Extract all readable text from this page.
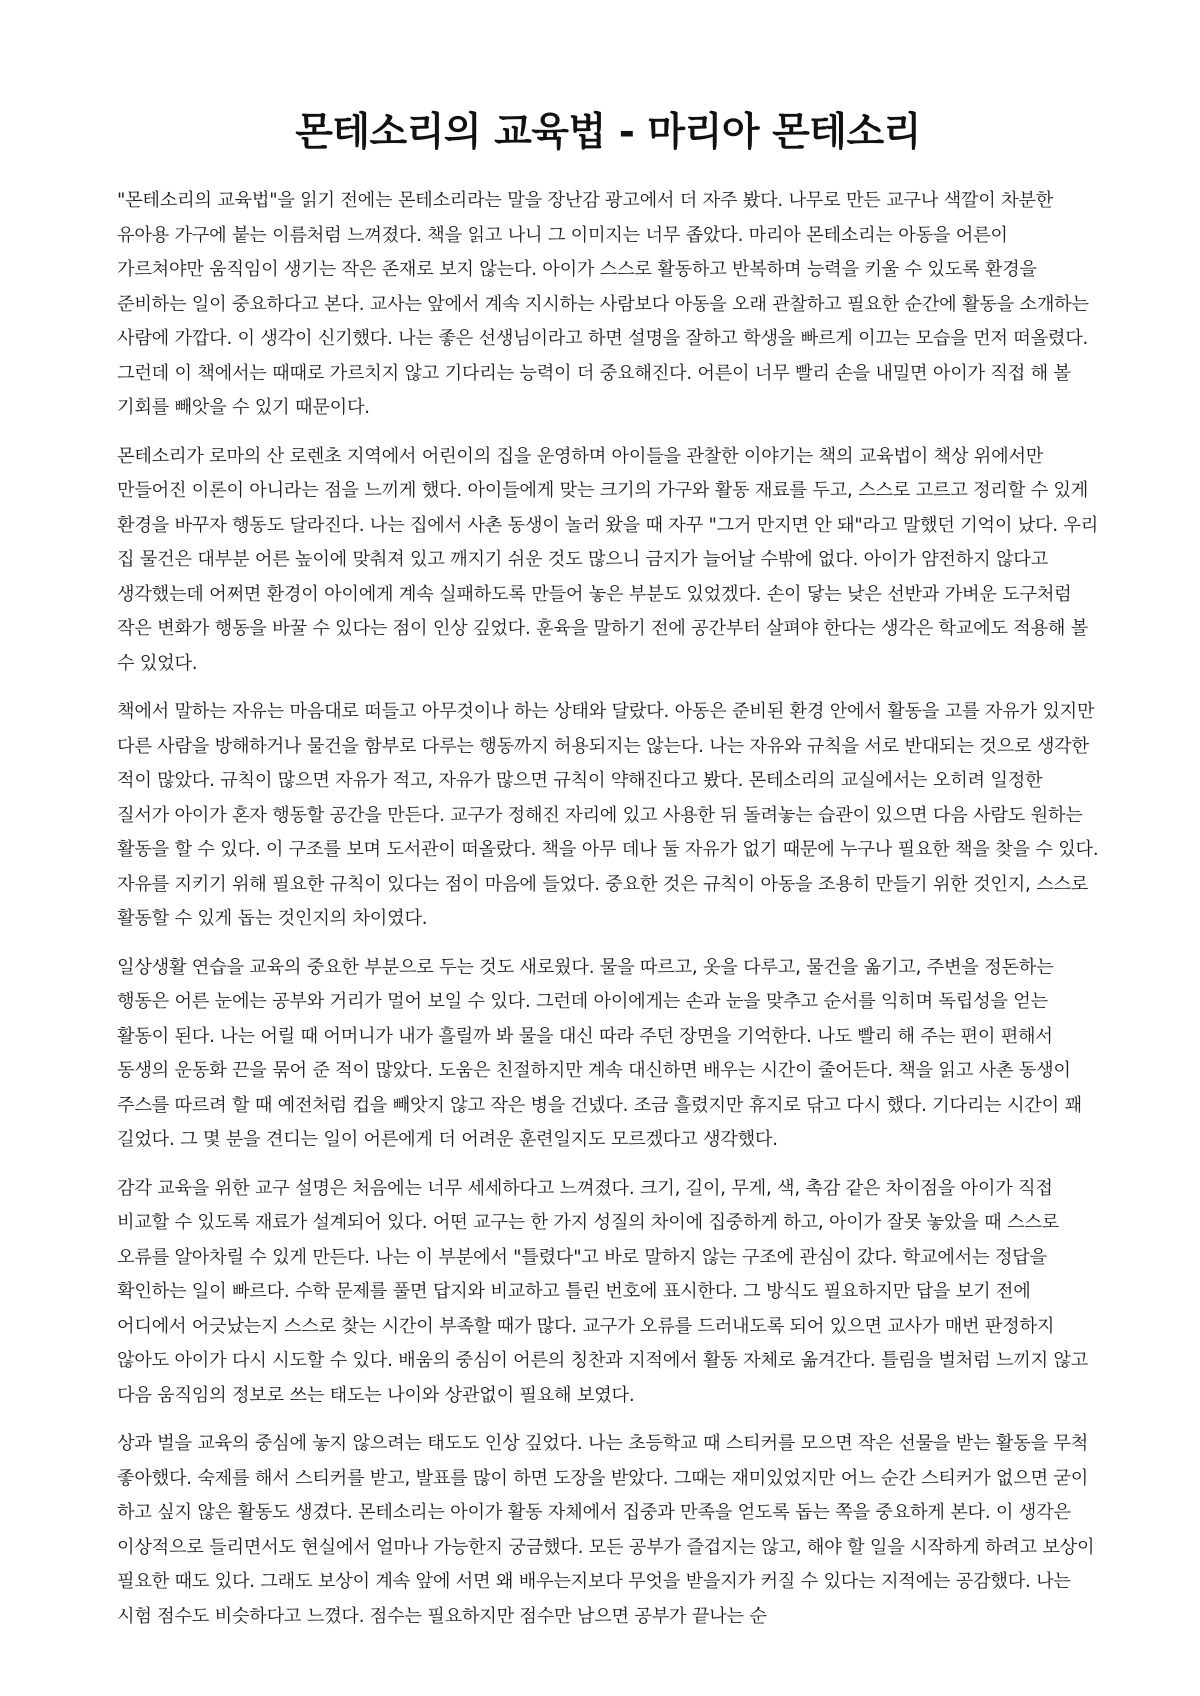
몬테소리의 교육법 - 마리아 몬테소리

"몬테소리의 교육법"을 읽기 전에는 몬테소리라는 말을 장난감 광고에서 더 자주 봤다. 나무로 만든 교구나 색깔이 차분한 유아용 가구에 붙는 이름처럼 느껴졌다. 책을 읽고 나니 그 이미지는 너무 좁았다. 마리아 몬테소리는 아동을 어른이 가르쳐야만 움직임이 생기는 작은 존재로 보지 않는다. 아이가 스스로 활동하고 반복하며 능력을 키울 수 있도록 환경을 준비하는 일이 중요하다고 본다. 교사는 앞에서 계속 지시하는 사람보다 아동을 오래 관찰하고 필요한 순간에 활동을 소개하는 사람에 가깝다. 이 생각이 신기했다. 나는 좋은 선생님이라고 하면 설명을 잘하고 학생을 빠르게 이끄는 모습을 먼저 떠올렸다. 그런데 이 책에서는 때때로 가르치지 않고 기다리는 능력이 더 중요해진다. 어른이 너무 빨리 손을 내밀면 아이가 직접 해 볼 기회를 빼앗을 수 있기 때문이다.

몬테소리가 로마의 산 로렌초 지역에서 어린이의 집을 운영하며 아이들을 관찰한 이야기는 책의 교육법이 책상 위에서만 만들어진 이론이 아니라는 점을 느끼게 했다. 아이들에게 맞는 크기의 가구와 활동 재료를 두고, 스스로 고르고 정리할 수 있게 환경을 바꾸자 행동도 달라진다. 나는 집에서 사촌 동생이 놀러 왔을 때 자꾸 "그거 만지면 안 돼"라고 말했던 기억이 났다. 우리 집 물건은 대부분 어른 높이에 맞춰져 있고 깨지기 쉬운 것도 많으니 금지가 늘어날 수밖에 없다. 아이가 얌전하지 않다고 생각했는데 어쩌면 환경이 아이에게 계속 실패하도록 만들어 놓은 부분도 있었겠다. 손이 닿는 낮은 선반과 가벼운 도구처럼 작은 변화가 행동을 바꿀 수 있다는 점이 인상 깊었다. 훈육을 말하기 전에 공간부터 살펴야 한다는 생각은 학교에도 적용해 볼 수 있었다.

책에서 말하는 자유는 마음대로 떠들고 아무것이나 하는 상태와 달랐다. 아동은 준비된 환경 안에서 활동을 고를 자유가 있지만 다른 사람을 방해하거나 물건을 함부로 다루는 행동까지 허용되지는 않는다. 나는 자유와 규칙을 서로 반대되는 것으로 생각한 적이 많았다. 규칙이 많으면 자유가 적고, 자유가 많으면 규칙이 약해진다고 봤다. 몬테소리의 교실에서는 오히려 일정한 질서가 아이가 혼자 행동할 공간을 만든다. 교구가 정해진 자리에 있고 사용한 뒤 돌려놓는 습관이 있으면 다음 사람도 원하는 활동을 할 수 있다. 이 구조를 보며 도서관이 떠올랐다. 책을 아무 데나 둘 자유가 없기 때문에 누구나 필요한 책을 찾을 수 있다. 자유를 지키기 위해 필요한 규칙이 있다는 점이 마음에 들었다. 중요한 것은 규칙이 아동을 조용히 만들기 위한 것인지, 스스로 활동할 수 있게 돕는 것인지의 차이였다.

일상생활 연습을 교육의 중요한 부분으로 두는 것도 새로웠다. 물을 따르고, 옷을 다루고, 물건을 옮기고, 주변을 정돈하는 행동은 어른 눈에는 공부와 거리가 멀어 보일 수 있다. 그런데 아이에게는 손과 눈을 맞추고 순서를 익히며 독립성을 얻는 활동이 된다. 나는 어릴 때 어머니가 내가 흘릴까 봐 물을 대신 따라 주던 장면을 기억한다. 나도 빨리 해 주는 편이 편해서 동생의 운동화 끈을 묶어 준 적이 많았다. 도움은 친절하지만 계속 대신하면 배우는 시간이 줄어든다. 책을 읽고 사촌 동생이 주스를 따르려 할 때 예전처럼 컵을 빼앗지 않고 작은 병을 건넸다. 조금 흘렸지만 휴지로 닦고 다시 했다. 기다리는 시간이 꽤 길었다. 그 몇 분을 견디는 일이 어른에게 더 어려운 훈련일지도 모르겠다고 생각했다.

감각 교육을 위한 교구 설명은 처음에는 너무 세세하다고 느껴졌다. 크기, 길이, 무게, 색, 촉감 같은 차이점을 아이가 직접 비교할 수 있도록 재료가 설계되어 있다. 어떤 교구는 한 가지 성질의 차이에 집중하게 하고, 아이가 잘못 놓았을 때 스스로 오류를 알아차릴 수 있게 만든다. 나는 이 부분에서 "틀렸다"고 바로 말하지 않는 구조에 관심이 갔다. 학교에서는 정답을 확인하는 일이 빠르다. 수학 문제를 풀면 답지와 비교하고 틀린 번호에 표시한다. 그 방식도 필요하지만 답을 보기 전에 어디에서 어긋났는지 스스로 찾는 시간이 부족할 때가 많다. 교구가 오류를 드러내도록 되어 있으면 교사가 매번 판정하지 않아도 아이가 다시 시도할 수 있다. 배움의 중심이 어른의 칭찬과 지적에서 활동 자체로 옮겨간다. 틀림을 벌처럼 느끼지 않고 다음 움직임의 정보로 쓰는 태도는 나이와 상관없이 필요해 보였다.

상과 벌을 교육의 중심에 놓지 않으려는 태도도 인상 깊었다. 나는 초등학교 때 스티커를 모으면 작은 선물을 받는 활동을 무척 좋아했다. 숙제를 해서 스티커를 받고, 발표를 많이 하면 도장을 받았다. 그때는 재미있었지만 어느 순간 스티커가 없으면 굳이 하고 싶지 않은 활동도 생겼다. 몬테소리는 아이가 활동 자체에서 집중과 만족을 얻도록 돕는 쪽을 중요하게 본다. 이 생각은 이상적으로 들리면서도 현실에서 얼마나 가능한지 궁금했다. 모든 공부가 즐겁지는 않고, 해야 할 일을 시작하게 하려고 보상이 필요한 때도 있다. 그래도 보상이 계속 앞에 서면 왜 배우는지보다 무엇을 받을지가 커질 수 있다는 지적에는 공감했다. 나는 시험 점수도 비슷하다고 느꼈다. 점수는 필요하지만 점수만 남으면 공부가 끝나는 순
